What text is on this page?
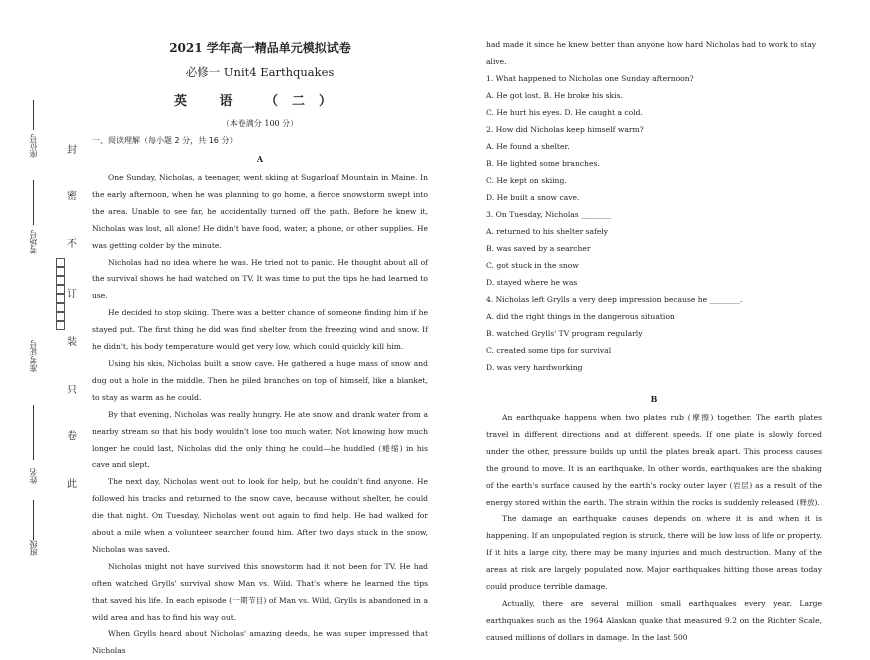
封
密
不
订
装
只
卷
此
座位号
考场号
准考证号
姓名
班级
2021 学年高一精品单元模拟试卷
必修一 Unit4 Earthquakes
英 语 （二）
（本卷满分 100 分）
一、阅读理解（每小题 2 分，共 16 分）
A

One Sunday, Nicholas, a teenager, went skiing at Sugarloaf Mountain in Maine. In the early afternoon, when he was planning to go home, a fierce snowstorm swept into the area. Unable to see far, he accidentally turned off the path. Before he knew it, Nicholas was lost, all alone! He didn't have food, water, a phone, or other supplies. He was getting colder by the minute.

Nicholas had no idea where he was. He tried not to panic. He thought about all of the survival shows he had watched on TV. It was time to put the tips he had learned to use.

He decided to stop skiing. There was a better chance of someone finding him if he stayed put. The first thing he did was find shelter from the freezing wind and snow. If he didn't, his body temperature would get very low, which could quickly kill him.

Using his skis, Nicholas built a snow cave. He gathered a huge mass of snow and dug out a hole in the middle. Then he piled branches on top of himself, like a blanket, to stay as warm as he could.

By that evening, Nicholas was really hungry. He ate snow and drank water from a nearby stream so that his body wouldn't lose too much water. Not knowing how much longer he could last, Nicholas did the only thing he could—he huddled (蜷缩) in his cave and slept.

The next day, Nicholas went out to look for help, but he couldn't find anyone. He followed his tracks and returned to the snow cave, because without shelter, he could die that night. On Tuesday, Nicholas went out again to find help. He had walked for about a mile when a volunteer searcher found him. After two days stuck in the snow, Nicholas was saved.

Nicholas might not have survived this snowstorm had it not been for TV. He had often watched Grylls' survival show Man vs. Wild. That's where he learned the tips that saved his life. In each episode (一期节目) of Man vs. Wild, Grylls is abandoned in a wild area and has to find his way out.

When Grylls heard about Nicholas' amazing deeds, he was super impressed that Nicholas

had made it since he knew better than anyone how hard Nicholas had to work to stay alive.
1. What happened to Nicholas one Sunday afternoon?
A. He got lost. B. He broke his skis.
C. He hurt his eyes. D. He caught a cold.
2. How did Nicholas keep himself warm?
A. He found a shelter.
B. He lighted some branches.
C. He kept on skiing.
D. He built a snow cave.
3. On Tuesday, Nicholas ________
A. returned to his shelter safely
B. was saved by a searcher
C. got stuck in the snow
D. stayed where he was
4. Nicholas left Grylls a very deep impression because he ________.
A. did the right things in the dangerous situation
B. watched Grylls' TV program regularly
C. created some tips for survival
D. was very hardworking
B

An earthquake happens when two plates rub (摩擦) together. The earth plates travel in different directions and at different speeds. If one plate is slowly forced under the other, pressure builds up until the plates break apart. This process causes the ground to move. It is an earthquake. In other words, earthquakes are the shaking of the earth's surface caused by the earth's rocky outer layer (岩层) as a result of the energy stored within the earth. The strain within the rocks is suddenly released (释放).

The damage an earthquake causes depends on where it is and when it is happening. If an unpopulated region is struck, there will be low loss of life or property. If it hits a large city, there may be many injuries and much destruction. Many of the areas at risk are largely populated now. Major earthquakes hitting those areas today could produce terrible damage.

Actually, there are several million small earthquakes every year. Large earthquakes such as the 1964 Alaskan quake that measured 9.2 on the Richter Scale, caused millions of dollars in damage. In the last 500
